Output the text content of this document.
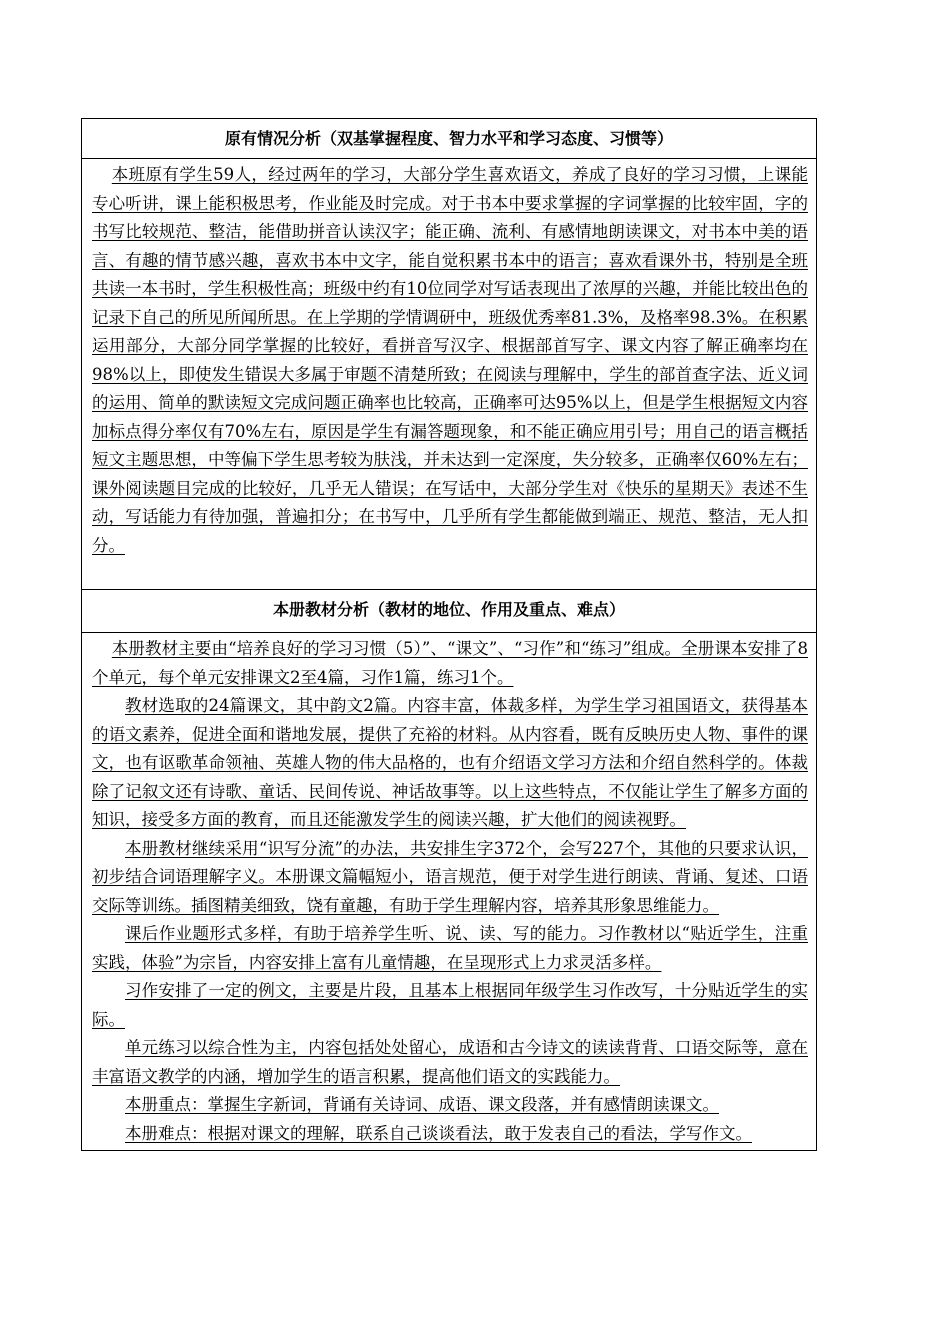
原有情况分析（双基掌握程度、智力水平和学习态度、习惯等）

本班原有学生59人，经过两年的学习，大部分学生喜欢语文，养成了良好的学习习惯，上课能专心听讲，课上能积极思考，作业能及时完成。对于书本中要求掌握的字词掌握的比较牢固，字的书写比较规范、整洁，能借助拼音认读汉字；能正确、流利、有感情地朗读课文，对书本中美的语言、有趣的情节感兴趣，喜欢书本中文字，能自觉积累书本中的语言；喜欢看课外书，特别是全班共读一本书时，学生积极性高；班级中约有10位同学对写话表现出了浓厚的兴趣，并能比较出色的记录下自己的所见所闻所思。在上学期的学情调研中，班级优秀率81.3%，及格率98.3%。在积累运用部分，大部分同学掌握的比较好，看拼音写汉字、根据部首写字、课文内容了解正确率均在98%以上，即使发生错误大多属于审题不清楚所致；在阅读与理解中，学生的部首查字法、近义词的运用、简单的默读短文完成问题正确率也比较高，正确率可达95%以上，但是学生根据短文内容加标点得分率仅有70%左右，原因是学生有漏答题现象，和不能正确应用引号；用自己的语言概括短文主题思想，中等偏下学生思考较为肤浅，并未达到一定深度，失分较多，正确率仅60%左右；课外阅读题目完成的比较好，几乎无人错误；在写话中，大部分学生对《快乐的星期天》表述不生动，写话能力有待加强，普遍扣分；在书写中，几乎所有学生都能做到端正、规范、整洁，无人扣分。

本册教材分析（教材的地位、作用及重点、难点）

本册教材主要由“培养良好的学习习惯（5）”、“课文”、“习作”和“练习”组成。全册课本安排了8个单元，每个单元安排课文2至4篇，习作1篇，练习1个。

教材选取的24篇课文，其中韵文2篇。内容丰富，体裁多样，为学生学习祖国语文，获得基本的语文素养，促进全面和谐地发展，提供了充裕的材料。从内容看，既有反映历史人物、事件的课文，也有讴歌革命领袖、英雄人物的伟大品格的，也有介绍语文学习方法和介绍自然科学的。体裁除了记叙文还有诗歌、童话、民间传说、神话故事等。以上这些特点，不仅能让学生了解多方面的知识，接受多方面的教育，而且还能激发学生的阅读兴趣，扩大他们的阅读视野。

本册教材继续采用“识写分流”的办法，共安排生字372个，会写227个，其他的只要求认识，初步结合词语理解字义。本册课文篇幅短小，语言规范，便于对学生进行朗读、背诵、复述、口语交际等训练。插图精美细致，饶有童趣，有助于学生理解内容，培养其形象思维能力。

课后作业题形式多样，有助于培养学生听、说、读、写的能力。习作教材以“贴近学生，注重实践，体验”为宗旨，内容安排上富有儿童情趣，在呈现形式上力求灵活多样。

习作安排了一定的例文，主要是片段，且基本上根据同年级学生习作改写，十分贴近学生的实际。

单元练习以综合性为主，内容包括处处留心，成语和古今诗文的读读背背、口语交际等，意在丰富语文教学的内涵，增加学生的语言积累，提高他们语文的实践能力。

本册重点：掌握生字新词，背诵有关诗词、成语、课文段落，并有感情朗读课文。

本册难点：根据对课文的理解，联系自己谈谈看法，敢于发表自己的看法，学写作文。
